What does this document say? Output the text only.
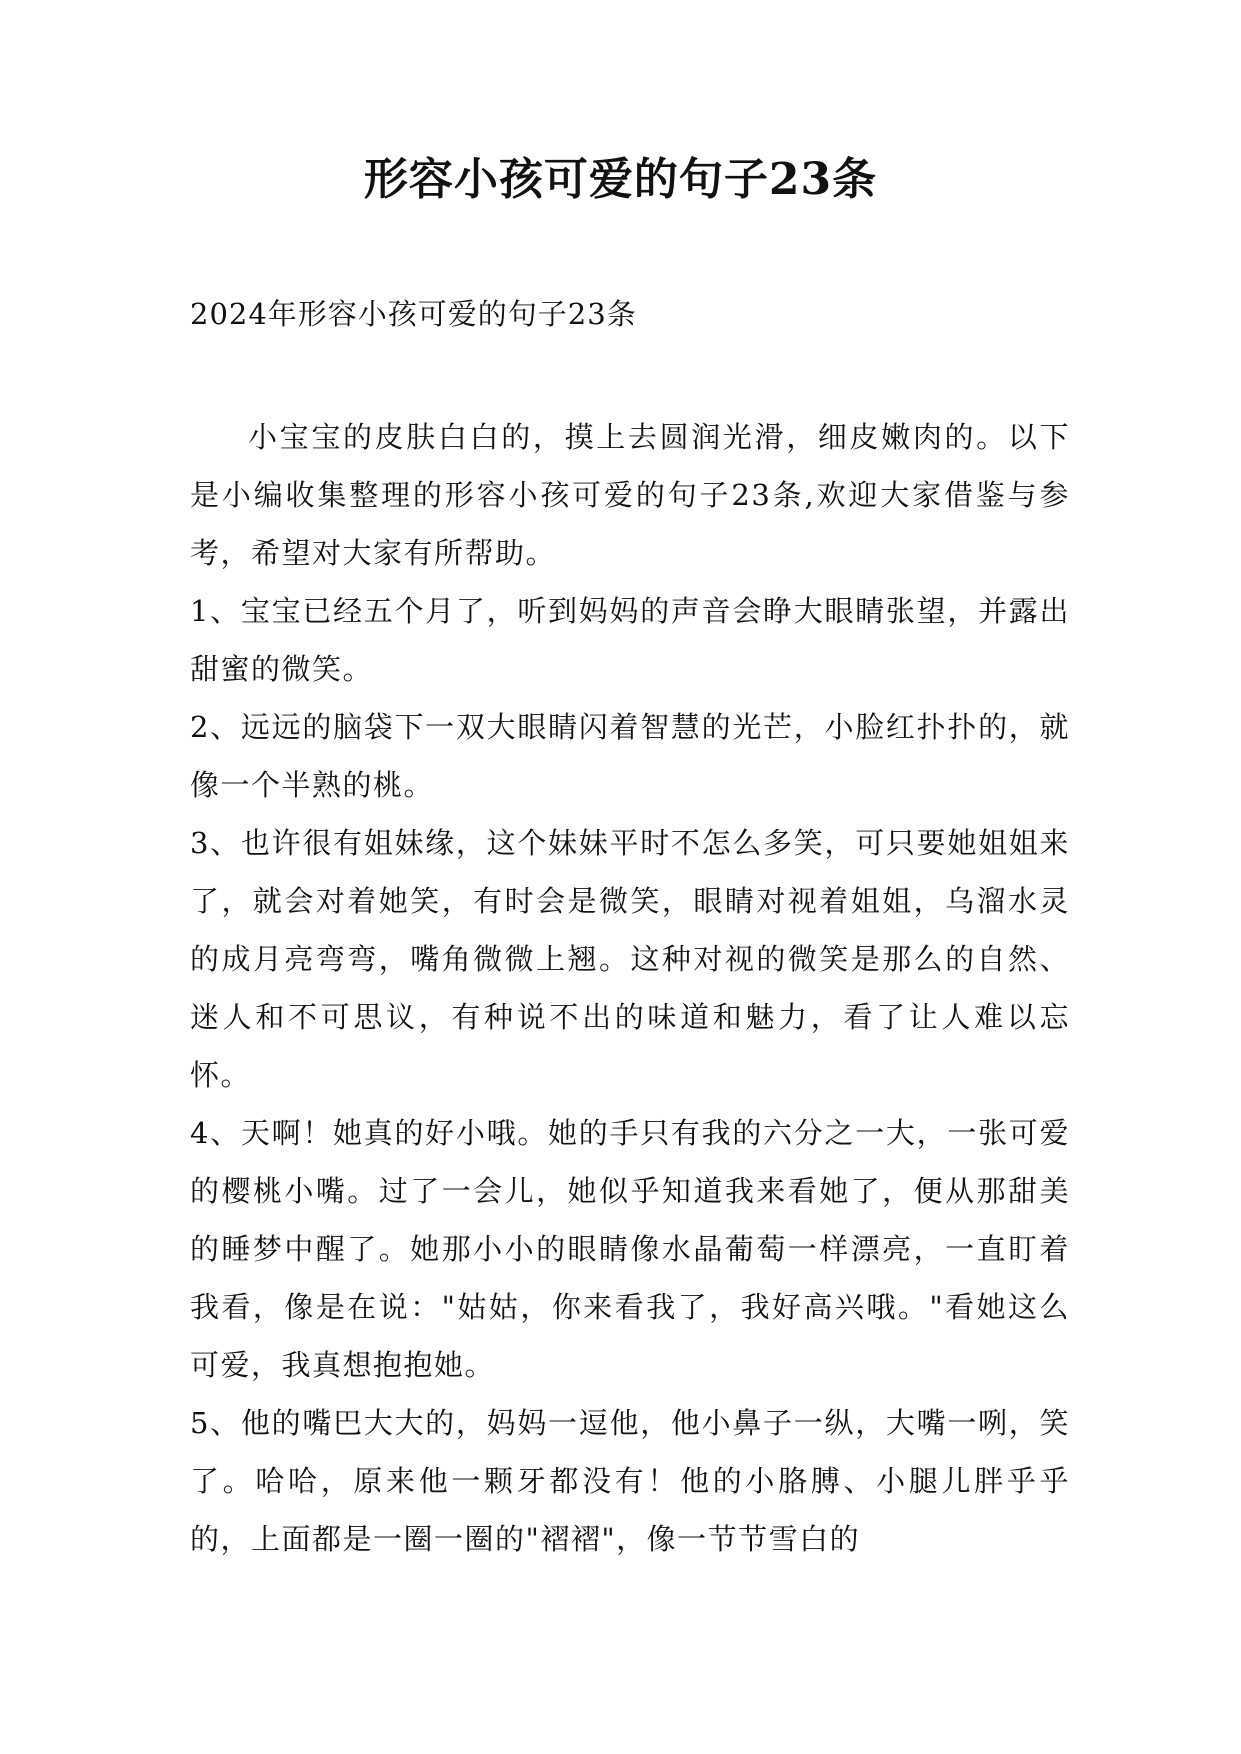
形容小孩可爱的句子23条

2024年形容小孩可爱的句子23条

小宝宝的皮肤白白的，摸上去圆润光滑，细皮嫩肉的。以下是小编收集整理的形容小孩可爱的句子23条,欢迎大家借鉴与参考，希望对大家有所帮助。

1、宝宝已经五个月了，听到妈妈的声音会睁大眼睛张望，并露出甜蜜的微笑。

2、远远的脑袋下一双大眼睛闪着智慧的光芒，小脸红扑扑的，就像一个半熟的桃。

3、也许很有姐妹缘，这个妹妹平时不怎么多笑，可只要她姐姐来了，就会对着她笑，有时会是微笑，眼睛对视着姐姐，乌溜水灵的成月亮弯弯，嘴角微微上翘。这种对视的微笑是那么的自然、迷人和不可思议，有种说不出的味道和魅力，看了让人难以忘怀。

4、天啊！她真的好小哦。她的手只有我的六分之一大，一张可爱的樱桃小嘴。过了一会儿，她似乎知道我来看她了，便从那甜美的睡梦中醒了。她那小小的眼睛像水晶葡萄一样漂亮，一直盯着我看，像是在说："姑姑，你来看我了，我好高兴哦。"看她这么可爱，我真想抱抱她。

5、他的嘴巴大大的，妈妈一逗他，他小鼻子一纵，大嘴一咧，笑了。哈哈，原来他一颗牙都没有！他的小胳膊、小腿儿胖乎乎的，上面都是一圈一圈的"褶褶"，像一节节雪白的
